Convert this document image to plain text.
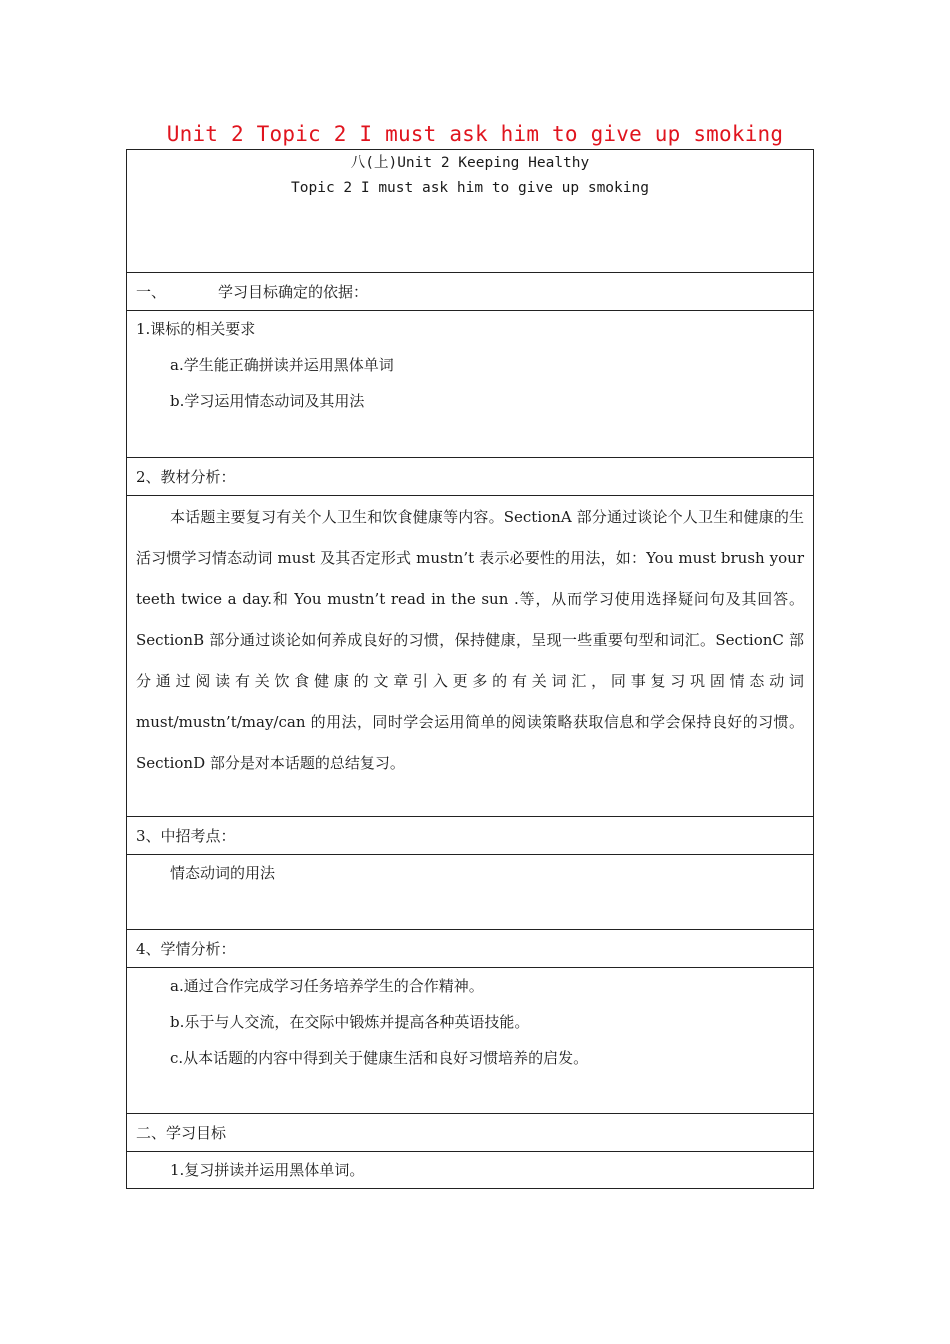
Unit 2 Topic 2 I must ask him to give up smoking
八(上)Unit 2 Keeping Healthy
Topic 2 I must ask him to give up smoking
一、	学习目标确定的依据：
1.课标的相关要求
a.学生能正确拼读并运用黑体单词
b.学习运用情态动词及其用法
2、教材分析：
本话题主要复习有关个人卫生和饮食健康等内容。SectionA 部分通过谈论个人卫生和健康的生活习惯学习情态动词 must 及其否定形式 mustn’t 表示必要性的用法，如：You must brush your teeth twice a day.和 You mustn’t read in the sun .等，从而学习使用选择疑问句及其回答。SectionB 部分通过谈论如何养成良好的习惯，保持健康，呈现一些重要句型和词汇。SectionC 部分通过阅读有关饮食健康的文章引入更多的有关词汇，同事复习巩固情态动词 must/mustn’t/may/can 的用法，同时学会运用简单的阅读策略获取信息和学会保持良好的习惯。SectionD 部分是对本话题的总结复习。
3、中招考点：
情态动词的用法
4、学情分析：
a.通过合作完成学习任务培养学生的合作精神。
b.乐于与人交流，在交际中锻炼并提高各种英语技能。
c.从本话题的内容中得到关于健康生活和良好习惯培养的启发。
二、学习目标
1.复习拼读并运用黑体单词。
